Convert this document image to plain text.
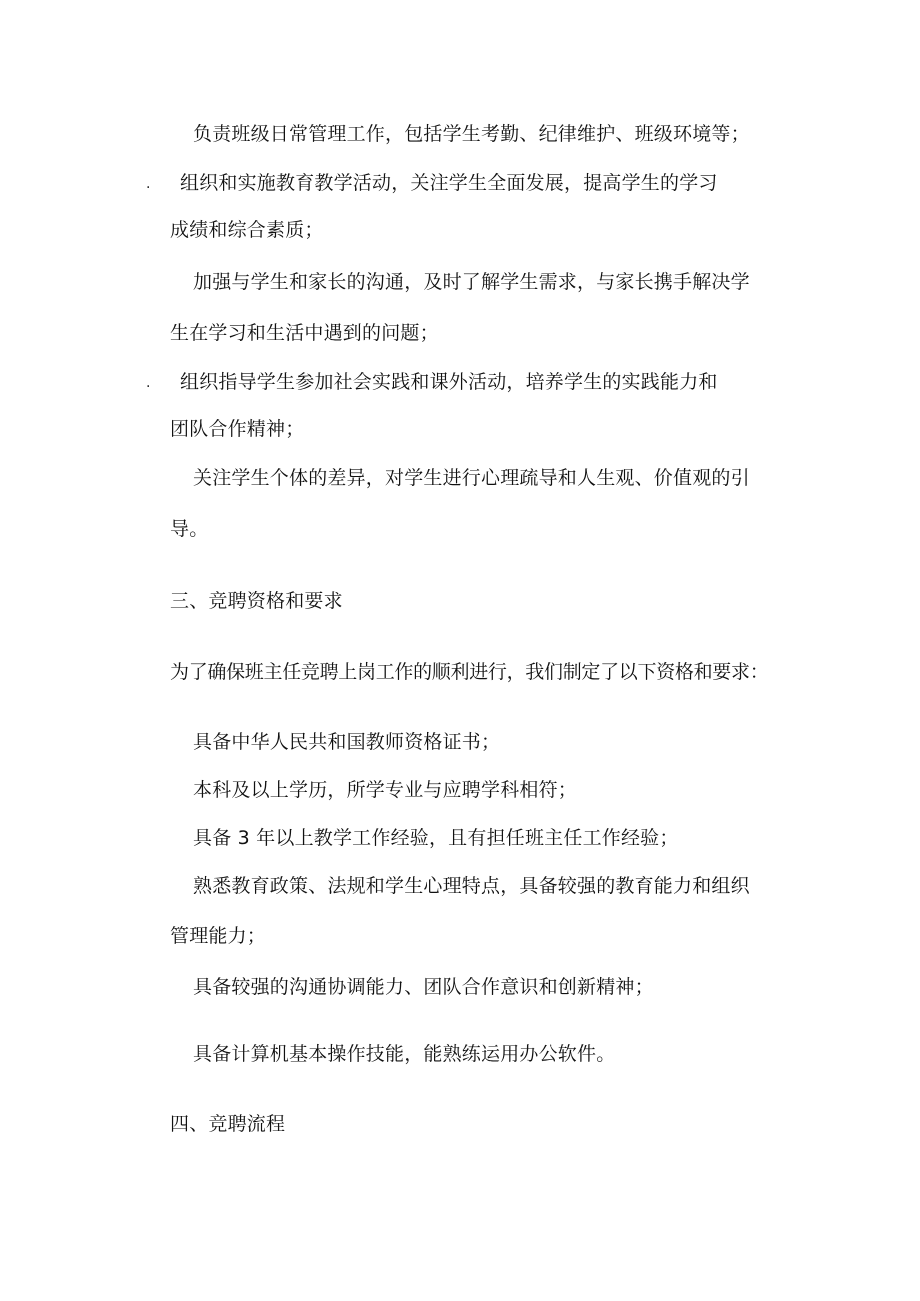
负责班级日常管理工作，包括学生考勤、纪律维护、班级环境等；
. 组织和实施教育教学活动，关注学生全面发展，提高学生的学习
成绩和综合素质；
加强与学生和家长的沟通，及时了解学生需求，与家长携手解决学
生在学习和生活中遇到的问题；
. 组织指导学生参加社会实践和课外活动，培养学生的实践能力和
团队合作精神；
关注学生个体的差异，对学生进行心理疏导和人生观、价值观的引
导。
三、竞聘资格和要求
为了确保班主任竞聘上岗工作的顺利进行，我们制定了以下资格和要求：
具备中华人民共和国教师资格证书；
本科及以上学历，所学专业与应聘学科相符；
具备 3 年以上教学工作经验，且有担任班主任工作经验；
熟悉教育政策、法规和学生心理特点，具备较强的教育能力和组织
管理能力；
具备较强的沟通协调能力、团队合作意识和创新精神；
具备计算机基本操作技能，能熟练运用办公软件。
四、竞聘流程
